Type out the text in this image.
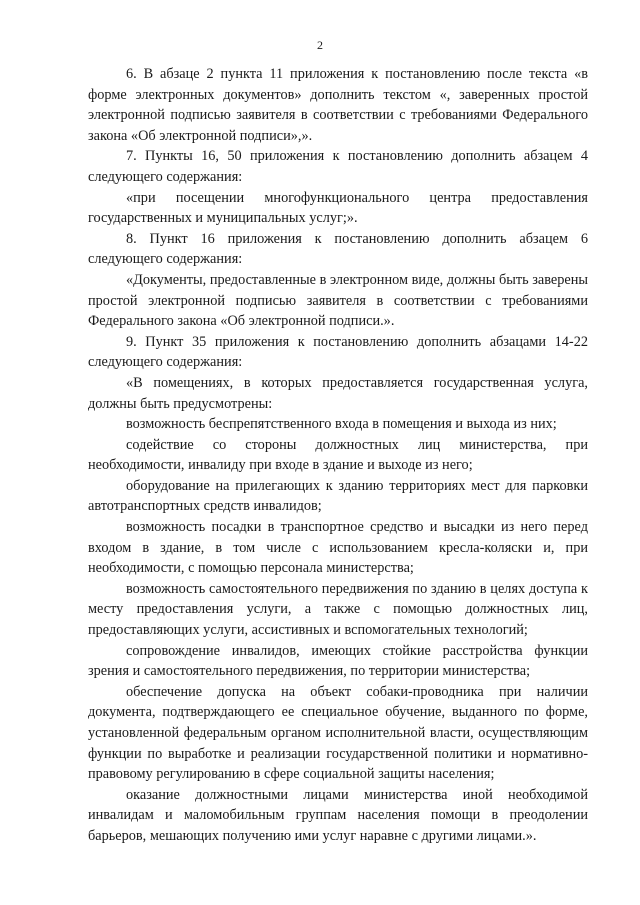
2

6. В абзаце 2 пункта 11 приложения к постановлению после текста «в форме электронных документов» дополнить текстом «, заверенных простой электронной подписью заявителя в соответствии с требованиями Федерального закона «Об электронной подписи»,».

7. Пункты 16, 50 приложения к постановлению дополнить абзацем 4 следующего содержания:

«при посещении многофункционального центра предоставления государственных и муниципальных услуг;».

8. Пункт 16 приложения к постановлению дополнить абзацем 6 следующего содержания:

«Документы, предоставленные в электронном виде, должны быть заверены простой электронной подписью заявителя в соответствии с требованиями Федерального закона «Об электронной подписи.».

9. Пункт 35 приложения к постановлению дополнить абзацами 14-22 следующего содержания:

«В помещениях, в которых предоставляется государственная услуга, должны быть предусмотрены:

возможность беспрепятственного входа в помещения и выхода из них;

содействие со стороны должностных лиц министерства, при необходимости, инвалиду при входе в здание и выходе из него;

оборудование на прилегающих к зданию территориях мест для парковки автотранспортных средств инвалидов;

возможность посадки в транспортное средство и высадки из него перед входом в здание, в том числе с использованием кресла-коляски и, при необходимости, с помощью персонала министерства;

возможность самостоятельного передвижения по зданию в целях доступа к месту предоставления услуги, а также с помощью должностных лиц, предоставляющих услуги, ассистивных и вспомогательных технологий;

сопровождение инвалидов, имеющих стойкие расстройства функции зрения и самостоятельного передвижения, по территории министерства;

обеспечение допуска на объект собаки-проводника при наличии документа, подтверждающего ее специальное обучение, выданного по форме, установленной федеральным органом исполнительной власти, осуществляющим функции по выработке и реализации государственной политики и нормативно-правовому регулированию в сфере социальной защиты населения;

оказание должностными лицами министерства иной необходимой инвалидам и маломобильным группам населения помощи в преодолении барьеров, мешающих получению ими услуг наравне с другими лицами.».
